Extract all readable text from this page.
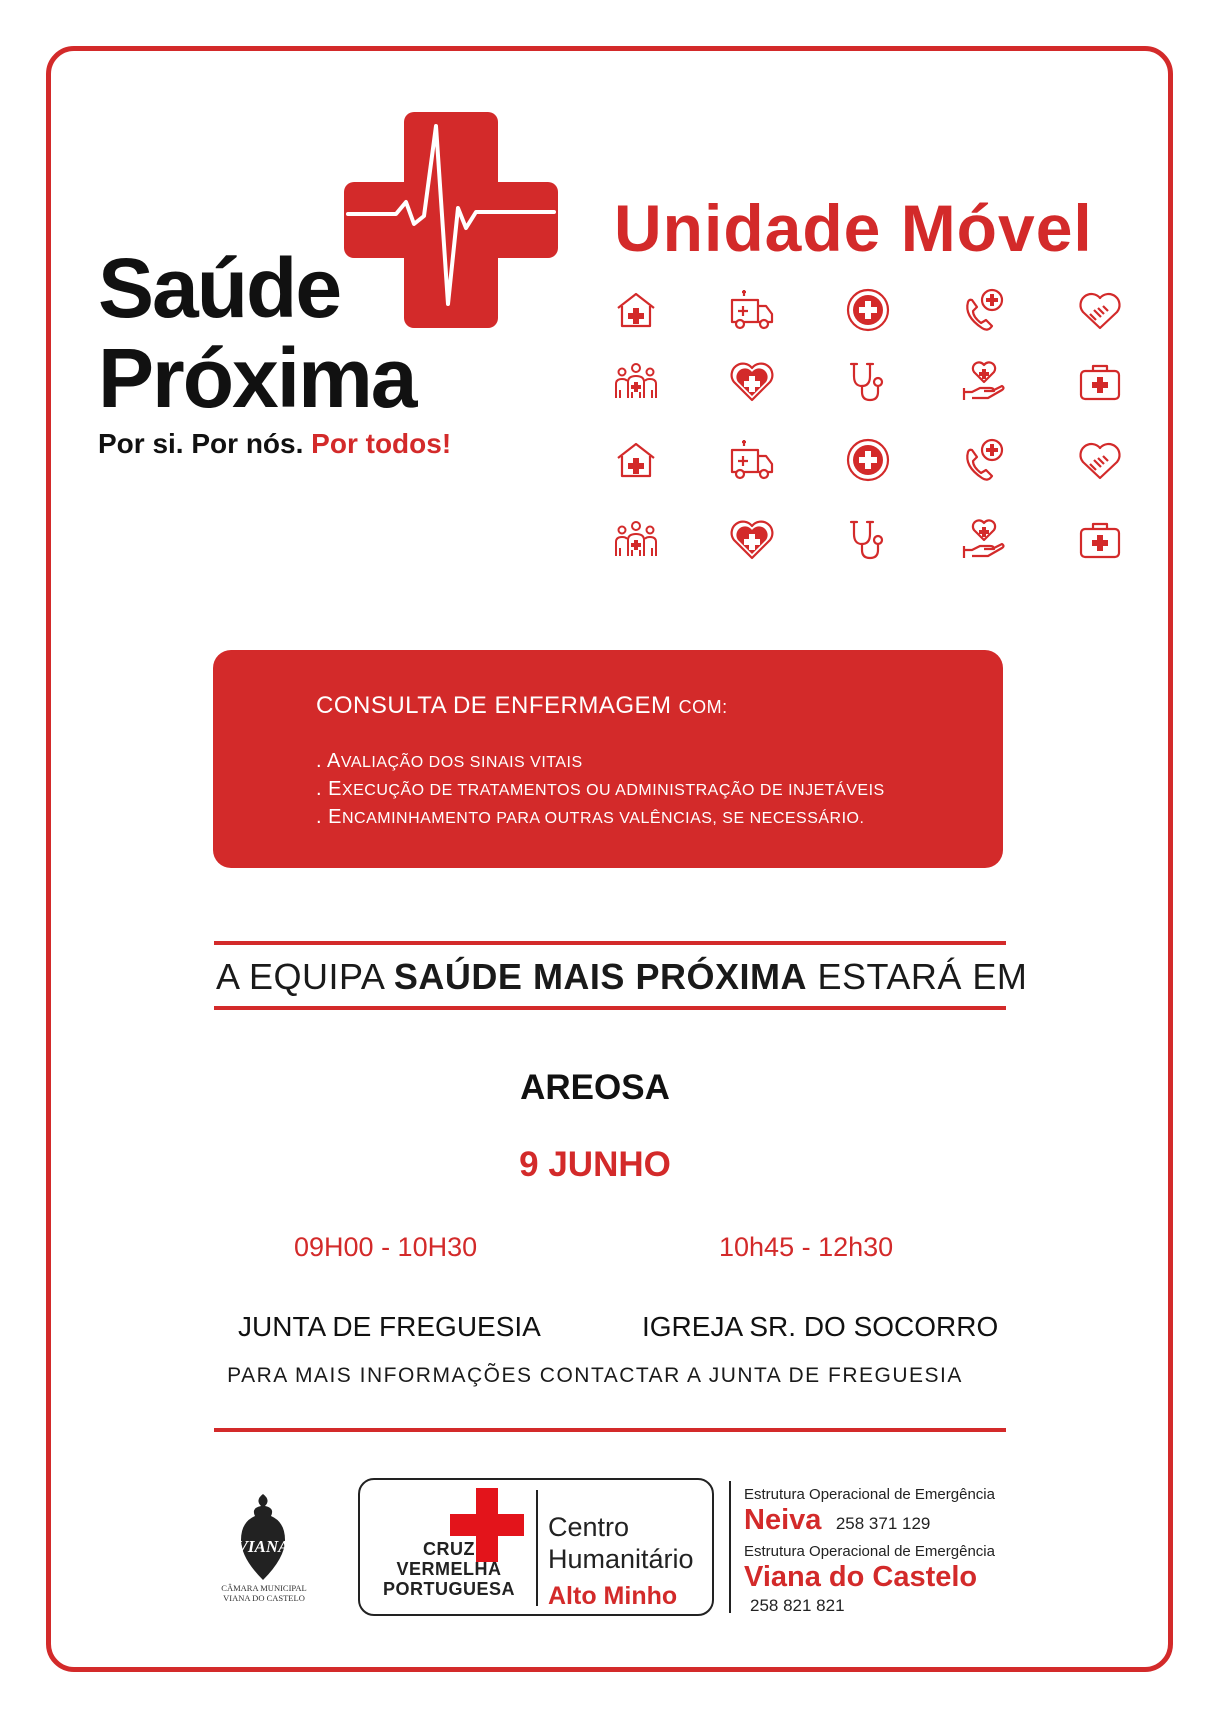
Saúde
Próxima
Por si. Por nós. Por todos!
Unidade Móvel
CONSULTA DE ENFERMAGEM COM:
. AVALIAÇÃO DOS SINAIS VITAIS
. EXECUÇÃO DE TRATAMENTOS OU ADMINISTRAÇÃO DE INJETÁVEIS
. ENCAMINHAMENTO PARA OUTRAS VALÊNCIAS, SE NECESSÁRIO.
A EQUIPA SAÚDE MAIS PRÓXIMA ESTARÁ EM
AREOSA
9 JUNHO
09H00 - 10H30	10h45 - 12h30
JUNTA DE FREGUESIA	IGREJA SR. DO SOCORRO
PARA MAIS INFORMAÇÕES CONTACTAR A JUNTA DE FREGUESIA
VIANA
CÂMARA MUNICIPAL
VIANA DO CASTELO
CRUZ
VERMELHA
PORTUGUESA
Centro
Humanitário
Alto Minho
Estrutura Operacional de Emergência
Neiva 258 371 129
Estrutura Operacional de Emergência
Viana do Castelo
258 821 821
